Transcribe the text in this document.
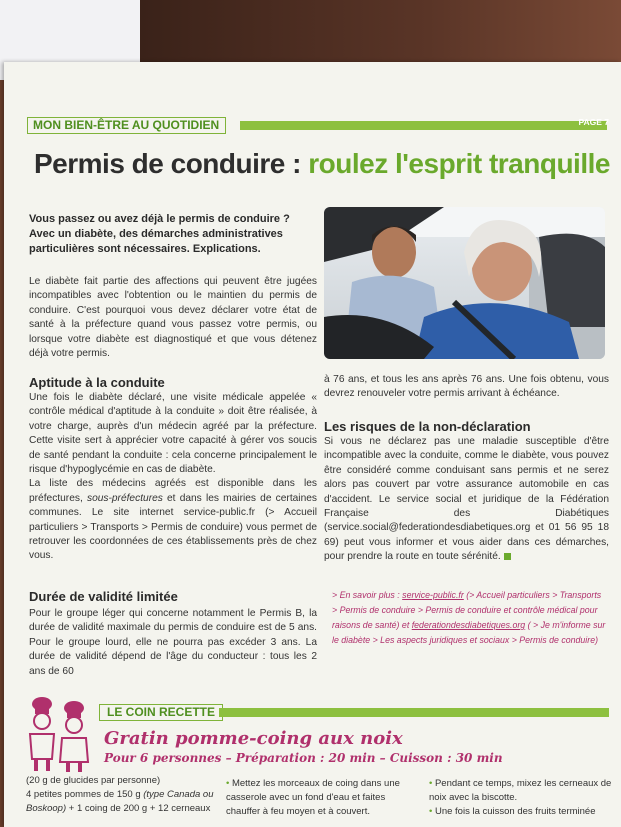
MON BIEN-ÊTRE AU QUOTIDIEN	PAGE 7
Permis de conduire : roulez l'esprit tranquille
Vous passez ou avez déjà le permis de conduire ? Avec un diabète, des démarches administratives particulières sont nécessaires. Explications.
Le diabète fait partie des affections qui peuvent être jugées incompatibles avec l'obtention ou le maintien du permis de conduire. C'est pourquoi vous devez déclarer votre état de santé à la préfecture quand vous passez votre permis, ou lorsque votre diabète est diagnostiqué et que vous détenez déjà votre permis.
Aptitude à la conduite
Une fois le diabète déclaré, une visite médicale appelée « contrôle médical d'aptitude à la conduite » doit être réalisée, à votre charge, auprès d'un médecin agréé par la préfecture. Cette visite sert à apprécier votre capacité à gérer vos soucis de santé pendant la conduite : cela concerne principalement le risque d'hypoglycémie en cas de diabète.
La liste des médecins agréés est disponible dans les préfectures, sous-préfectures et dans les mairies de certaines communes. Le site internet service-public.fr (> Accueil particuliers > Transports > Permis de conduire) vous permet de retrouver les coordonnées de ces établissements près de chez vous.
Durée de validité limitée
Pour le groupe léger qui concerne notamment le Permis B, la durée de validité maximale du permis de conduire est de 5 ans. Pour le groupe lourd, elle ne pourra pas excéder 3 ans. La durée de validité dépend de l'âge du conducteur : tous les 2 ans de 60
à 76 ans, et tous les ans après 76 ans. Une fois obtenu, vous devrez renouveler votre permis arrivant à échéance.
Les risques de la non-déclaration
Si vous ne déclarez pas une maladie susceptible d'être incompatible avec la conduite, comme le diabète, vous pouvez être considéré comme conduisant sans permis et ne serez alors pas couvert par votre assurance automobile en cas d'accident. Le service social et juridique de la Fédération Française des Diabétiques (service.social@federationdesdiabetiques.org et 01 56 95 18 69) peut vous informer et vous aider dans ces démarches, pour prendre la route en toute sérénité.
> En savoir plus : service-public.fr (> Accueil particuliers > Transports > Permis de conduire > Permis de conduire et contrôle médical pour raisons de santé) et federationdesdiabetiques.org ( > Je m'informe sur le diabète > Les aspects juridiques et sociaux > Permis de conduire)
LE COIN RECETTE
Gratin pomme-coing aux noix
Pour 6 personnes – Préparation : 20 min – Cuisson : 30 min
(20 g de glucides par personne)
4 petites pommes de 150 g (type Canada ou Boskoop) + 1 coing de 200 g + 12 cerneaux
• Mettez les morceaux de coing dans une casserole avec un fond d'eau et faites chauffer à feu moyen et à couvert.
• Pendant ce temps, mixez les cerneaux de noix avec la biscotte.
• Une fois la cuisson des fruits terminée
